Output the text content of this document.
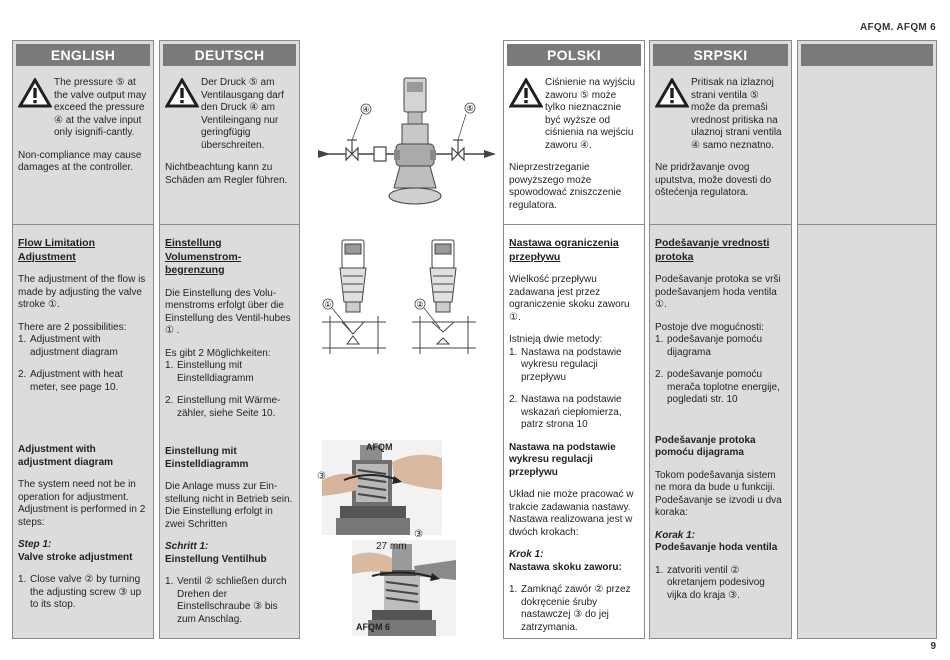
AFQM. AFQM 6
ENGLISH
The pressure ⑤ at the valve output may exceed the pressure ④ at the valve input only isignifi-cantly.
Non-compliance may cause damages at the controller.
Flow Limitation Adjustment
The adjustment of the flow is made by adjusting the valve stroke ①.
There are 2 possibilities:
1. Adjustment with adjustment diagram
2. Adjustment with heat meter, see page 10.
Adjustment with adjustment diagram
The system need not be in operation for adjustment. Adjustment is performed in 2 steps:
Step 1:
Valve stroke adjustment
1. Close valve ② by turning the adjusting screw ③ up to its stop.
DEUTSCH
Der Druck ⑤ am Ventilausgang darf den Druck ④ am Ventileingang nur geringfügig überschreiten.
Nichtbeachtung kann zu Schäden am Regler führen.
Einstellung Volumenstrom-begrenzung
Die Einstellung des Volu-menstroms erfolgt über die Einstellung des Ventil-hubes ① .
Es gibt 2 Möglichkeiten:
1. Einstellung mit Einstelldiagramm
2. Einstellung mit Wärme-zähler, siehe Seite 10.
Einstellung mit Einstelldiagramm
Die Anlage muss zur Ein-stellung nicht in Betrieb sein. Die Einstellung erfolgt in zwei Schritten
Schritt 1:
Einstellung Ventilhub
1. Ventil ② schließen durch Drehen der Einstellschraube ③ bis zum Anschlag.
④	⑤
①	②
AFQM
③
27 mm
③
AFQM 6
POLSKI
Ciśnienie na wyjściu zaworu ⑤ może tylko nieznacznie być wyższe od ciśnienia na wejściu zaworu ④.
Nieprzestrzeganie powyższego może spowodować zniszczenie regulatora.
Nastawa ograniczenia przepływu
Wielkość przepływu zadawana jest przez ograniczenie skoku zaworu ①.
Istnieją dwie metody:
1. Nastawa na podstawie wykresu regulacji przepływu
2. Nastawa na podstawie wskazań ciepłomierza, patrz strona 10
Nastawa na podstawie wykresu regulacji przepływu
Układ nie może pracować w trakcie zadawania nastawy. Nastawa realizowana jest w dwóch krokach:
Krok 1:
Nastawa skoku zaworu:
1. Zamknąć zawór ② przez dokręcenie śruby nastawczej ③ do jej zatrzymania.
SRPSKI
Pritisak na izlaznoj strani ventila ⑤ može da premaši vrednost pritiska na ulaznoj strani ventila ④ samo neznatno.
Ne pridržavanje ovog uputstva, može dovesti do oštećenja regulatora.
Podešavanje vrednosti protoka
Podešavanje protoka se vrši podešavanjem hoda ventila ①.
Postoje dve mogućnosti:
1. podešavanje pomoću dijagrama
2. podešavanje pomoću merača toplotne energije, pogledati str. 10
Podešavanje protoka pomoću dijagrama
Tokom podešavanja sistem ne mora da bude u funkciji. Podešavanje se izvodi u dva koraka:
Korak 1:
Podešavanje hoda ventila
1. zatvoriti ventil ② okretanjem podesivog vijka do kraja ③.
9
